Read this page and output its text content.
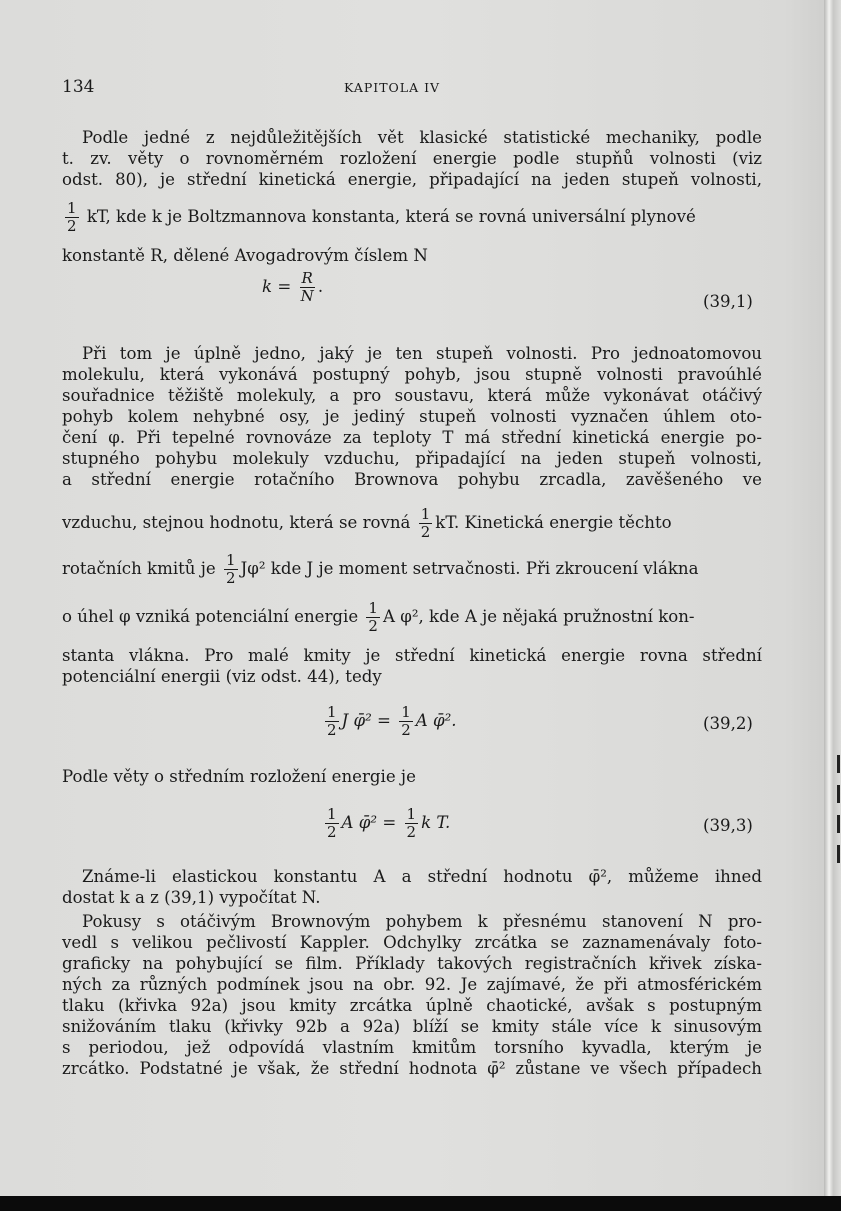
134	KAPITOLA IV
Podle jedné z nejdůležitějších vět klasické statistické mechaniky, podle
t. zv. věty o rovnoměrném rozložení energie podle stupňů volnosti (viz
odst. 80), je střední kinetická energie, připadající na jeden stupeň volnosti,
$\frac{1}{2}$ kT, kde k je Boltzmannova konstanta, která se rovná universální plynové
konstantě R, dělené Avogadrovým číslem N
$k = \frac{R}{N}$ .
(39,1)
Při tom je úplně jedno, jaký je ten stupeň volnosti. Pro jednoatomovou
molekulu, která vykonává postupný pohyb, jsou stupně volnosti pravoúhlé
souřadnice těžiště molekuly, a pro soustavu, která může vykonávat otáčivý
pohyb kolem nehybné osy, je jediný stupeň volnosti vyznačen úhlem oto-
čení φ. Při tepelné rovnováze za teploty T má střední kinetická energie po-
stupného pohybu molekuly vzduchu, připadající na jeden stupeň volnosti,
a střední energie rotačního Brownova pohybu zrcadla, zavěšeného ve
vzduchu, stejnou hodnotu, která se rovná $\frac{1}{2}$ kT. Kinetická energie těchto
rotačních kmitů je $\frac{1}{2} J\varphi^2$ kde J je moment setrvačnosti. Při zkroucení vlákna
o úhel φ vzniká potenciální energie $\frac{1}{2}$ A φ², kde A je nějaká pružnostní kon-
stanta vlákna. Pro malé kmity je střední kinetická energie rovna střední
potenciální energii (viz odst. 44), tedy
$\frac{1}{2}$ J φ̄² = $\frac{1}{2}$ A φ̄².	(39,2)
Podle věty o středním rozložení energie je
$\frac{1}{2}$ A φ̄² = $\frac{1}{2}$ k T.	(39,3)
Známe-li elastickou konstantu A a střední hodnotu φ̄², můžeme ihned
dostat k a z (39,1) vypočítat N.
Pokusy s otáčivým Brownovým pohybem k přesnému stanovení N pro-
vedl s velikou pečlivostí Kappler. Odchylky zrcátka se zaznamenávaly foto-
graficky na pohybující se film. Příklady takových registračních křivek získa-
ných za různých podmínek jsou na obr. 92. Je zajímavé, že při atmosférickém
tlaku (křivka 92a) jsou kmity zrcátka úplně chaotické, avšak s postupným
snižováním tlaku (křivky 92b a 92a) blíží se kmity stále více k sinusovým
s periodou, jež odpovídá vlastním kmitům torsního kyvadla, kterým je
zrcátko. Podstatné je však, že střední hodnota φ̄² zůstane ve všech případech
